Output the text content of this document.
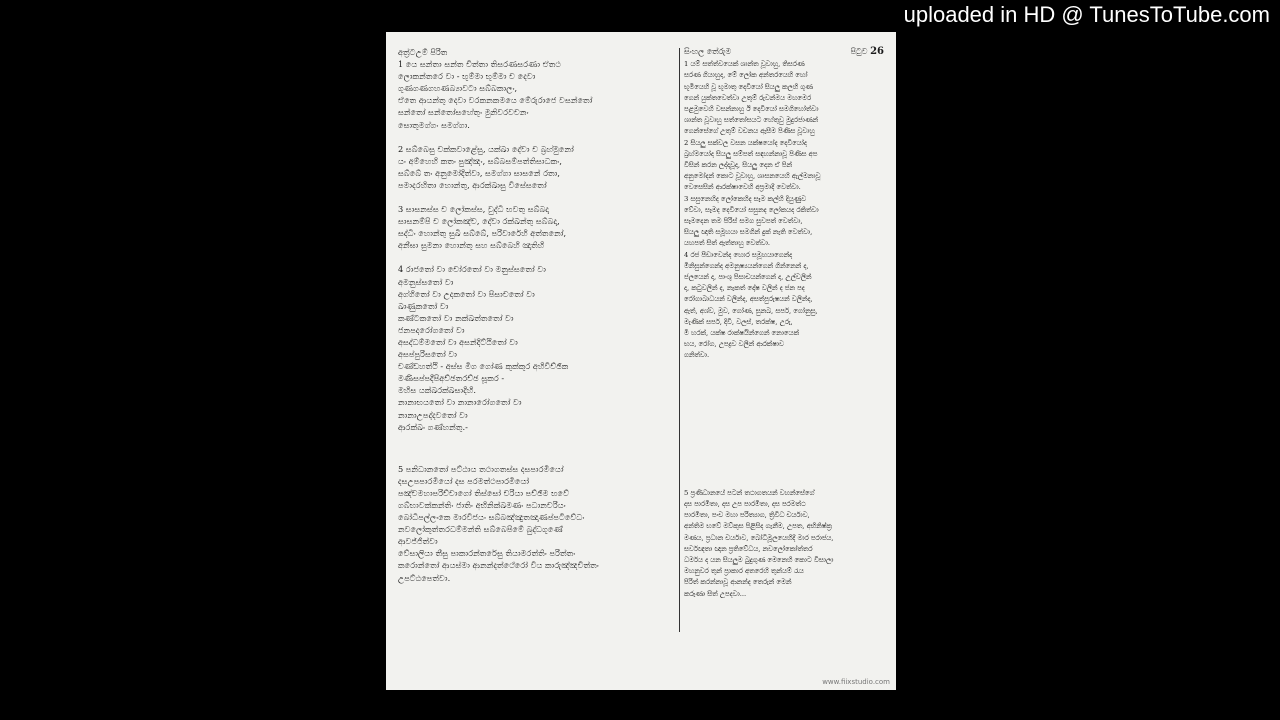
uploaded in HD @ TunesToTube.com
අත්‍ර්ටඋම් පිරිත
1 යෙ සන්තා සන්ත චිත්තා තිසරණසරණා ඒතථ
ලොකන්තරෙ වා - භුම්මා භුම්මා ච දෙවා
ගුණගණගහණබ්‍යාවටා සබ්බකාලං,
ඒතෙ ආයන්තු දෙවා වරකනකමයෙ මේරුරාජෙ වසන්තෝ
සන්තෝ සන්තෝසහේතුං මුනිවරවචනං
සොතුමග්ගං සමග්ගා.
2 සබ්බෙසු චක්කවාළේසු, යක්ඛා දේවා ච බ්‍රහ්මුනෝ
යං අම්හෙහි කතං පුඤ්ඤං, සබ්බසම්පත්තිසාධකං,
සබ්බේ තං අනුමෝදිත්වා, සමග්ගා සාසනේ රතා,
පමාදරහිතා හොන්තු, ආරක්ඛාසු විසේසතෝ
3 සාසනස්ස ච ලෝකස්ස, වුද්ධි භවතු සබ්බදා
සාසනම්පි ච ලෝකඤ්ච, දේවා රක්ඛන්තු සබ්බදා,
සද්ධිං හොන්තු සුඛී සබ්බේ, පරිවාරේහි අත්තනෝ,
අනීඝා සුමනා හොන්තු සහ සබ්බෙහි ඤාතිහි
4 රාජතෝ වා චෝරතෝ වා මනුස්සතෝ වා
අමනුස්සතෝ වා
අග්ගිතෝ වා උදකතෝ වා පිසාචතෝ වා
ඛාණුකතෝ වා
කණ්ටකතෝ වා නක්ඛත්තතෝ වා
ජනපදරෝගතෝ වා
අසද්ධම්මතෝ වා අසන්දිට්ඨිතෝ වා
අසප්පුරිසතෝ වා
චණ්ඩහත්ථි - අස්ස මිග ගෝණ කුක්කුර අහිවිච්ඡික
මණිසප්පදීපිඅච්ඡතරච්ඡ සූකර -
මහිස යක්ඛරක්ඛසාදිහි.
නානාභයතෝ වා නානාරෝගතෝ වා
නානාඋපද්දවතෝ වා
ආරක්ඛං ගණ්හන්තු.-
5 පනිධානතෝ පට්ඨාය තථාගතස්ස දසපාරමියෝ
දසඋපපාරමියෝ දස පරමත්ථපාරමියෝ
පඤ්චමහාපරිච්චාගෝ තිස්සෝ චරියා පච්ඡිම භවේ
ගබ්භාවක්කන්තිං ජාතිං අභිනික්ඛමණං පධානචරියං
බෝධිපල්ලංකෙ මාරවිජයං සබ්බඤ්ඤුතඤාණප්පටිවේධං
නවලෝකුත්තරධම්මන්ති සබ්බෙපිමේ බුද්ධගුණේ
ආවජ්ජිත්වා
වේසාලියා තීසු පාකාරන්තරේසු තියාමරත්තිං පරිත්තං
කරොන්තෝ ආයස්මා ආනන්දත්ථේරෝ විය කාරුඤ්ඤචිත්තං
උපට්ඨපෙත්වා.
සිංහල තේරුම	පිටුව 26
1 යම් සත්ත්වයෙක් ශාන්ත වූවාහු, තිසරණ
සරණ ගියාහුද, මේ ලෝක අන්තරයෙහි හෝ
භූමියෙහි වූ භූමාතු දෙවියෝ සියලු කලහි ගුණ
ගෙන් යුක්තවෙත්වා උතුම් රුවන්මය මහමෙර
පළමුවෙහි වසන්නාහු ඊ දෙවියෝ සමගිහෝත්වා
ශාන්ත වූවාහු සත්තෝසයට හේතුවු මුදුරජාණන්
ගෙන්සේගේ උතුම් වචනය ඇසීම පිණිස වූවාහු
2 සියලු සක්වල වසන යක්ෂයෝද දෙවියෝද
බ්‍රහ්මයෝද සියලු සම්පත් සඳහන්නාවූ පිණිස අප
විසින් කරන ලද්දාවූද, සියලු දෙන ඒ පින්
අනුමෝදන් කොට වූවාහු, ශාසනයෙහි ඇල්මනාවූ
වෙසෙසින් ආරක්ෂාවෙහි අප්‍රමාදී වෙත්වා.
3 සසුනෙහිද ලෝකෙහිද සෑම කල්හි දියුණුව
වේවා, සෑමද දෙවියෝ සසුනද ලෝකයද රකිත්වා
සෑමදෙන තම පිරිස් සමග සුවපත් වෙත්වා,
සියලු ඥාති සමූහයා සමගින් දුක් නැති වෙත්වා,
යහපත් සිත් ඇත්තාහු වෙත්වා.
4 රජ පීඩාවෙන්ද හොර සමූහයාගෙන්ද
මිනිසුන්ගෙන්ද අමනුෂ්‍යයන්ගෙන් ගින්නෙන් ද,
ජලයෙන් ද, පාංශු පිසාචයන්ගෙන් ද, උල්වලින්
ද, කටුවලින් ද, නැකත් දෝෂ වලින් ද ජන පද
රෝගාබාධයන් වලින්ද, අසත්පුරුෂයන් වලින්ද,
ඇත්, අශ්ව, මුව, ගෝණ, සුනඛ, සර්ප, ගෝනුසු,
මැණික් සර්ප, දිවි, වලස්, තරක්ෂ, උරු,
මී හරක්, යක්ෂ රාක්ෂයින්ගෙන් නොයෙක්
භය, රෝග, උපද්‍රව වලින් ආරක්ෂාව
ගනිත්වා.
5 ප්‍රණිධානයේ පටන් තථාගතයන් වහන්සේගේ
දස පාරමිතා, දස උප පාරමිතා, දස පරමත්ථ
පාරමිතා, පංච මහා පරිත්‍යාග, ත්‍රිවිධ චර්යාව,
අන්තිම භවේ මව්කුස පිළිසිද ගැනීම, උපත, අභිනිෂ්ක්‍ර
මණය, ප්‍රධාන චර්යාව, බෝධිමූලයෙහිදී මාර පරාජය,
සර්වඥතා ඥාන ප්‍රතිවේධය, නවලෝකෝත්තර
ධර්මය ද යන සියලුම බුදුගුණ මෙනෙහි කොට විසාලා
මහනුවර තුන් ප්‍රාකාර අතරෙහි තුන්යම් රැය
පිරිත් කරන්නාවූ ආනන්ද තෙරුන් මෙන්
කරුණා සිත් උපදවා...
www.fiixstudio.com
